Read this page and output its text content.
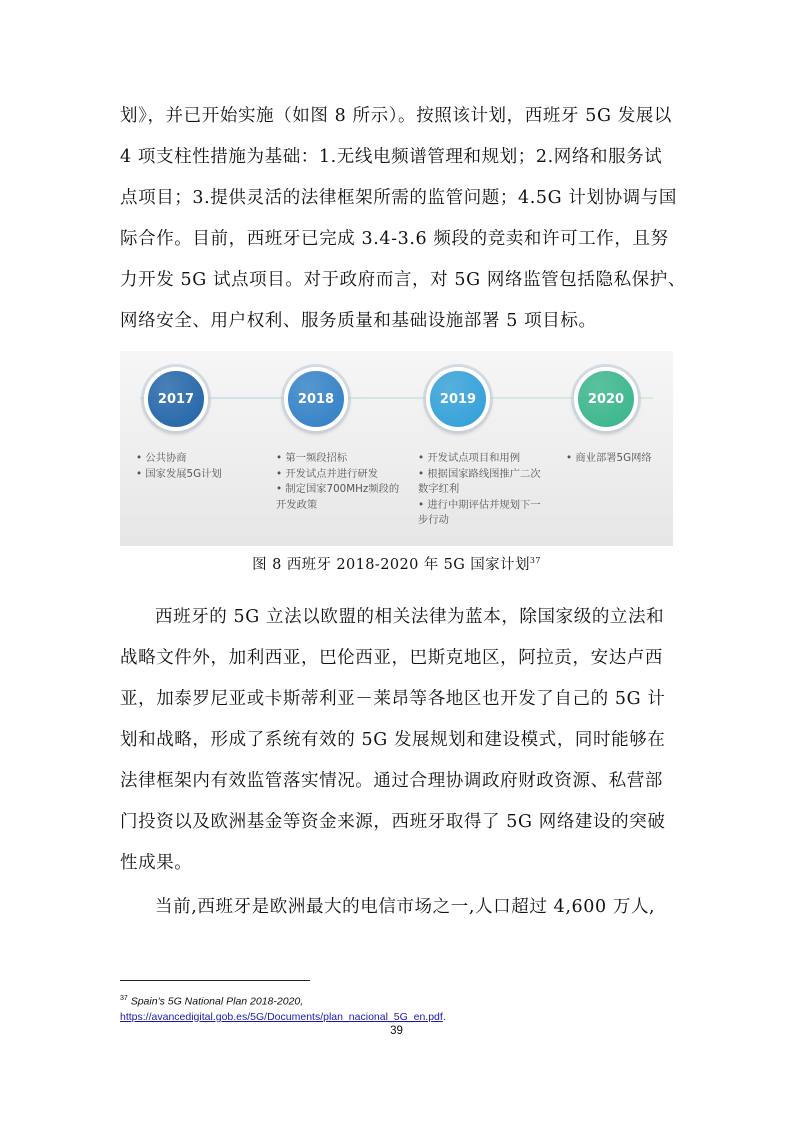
划》，并已开始实施（如图 8 所示）。按照该计划，西班牙 5G 发展以
4 项支柱性措施为基础：1.无线电频谱管理和规划；2.网络和服务试
点项目；3.提供灵活的法律框架所需的监管问题；4.5G 计划协调与国
际合作。目前，西班牙已完成 3.4-3.6 频段的竞卖和许可工作，且努
力开发 5G 试点项目。对于政府而言，对 5G 网络监管包括隐私保护、
网络安全、用户权利、服务质量和基础设施部署 5 项目标。
2017
• 公共协商
• 国家发展5G计划
2018
• 第一频段招标
• 开发试点并进行研发
• 制定国家700MHz频段的开发政策
2019
• 开发试点项目和用例
• 根据国家路线图推广二次数字红利
• 进行中期评估并规划下一步行动
2020
• 商业部署5G网络
图 8 西班牙 2018-2020 年 5G 国家计划$^{37}$
西班牙的 5G 立法以欧盟的相关法律为蓝本，除国家级的立法和
战略文件外，加利西亚，巴伦西亚，巴斯克地区，阿拉贡，安达卢西
亚，加泰罗尼亚或卡斯蒂利亚－莱昂等各地区也开发了自己的 5G 计
划和战略，形成了系统有效的 5G 发展规划和建设模式，同时能够在
法律框架内有效监管落实情况。通过合理协调政府财政资源、私营部
门投资以及欧洲基金等资金来源，西班牙取得了 5G 网络建设的突破
性成果。
当前,西班牙是欧洲最大的电信市场之一,人口超过 4,600 万人,
$^{37}$ Spain's 5G National Plan 2018-2020,
https://avancedigital.gob.es/5G/Documents/plan_nacional_5G_en.pdf.
39
